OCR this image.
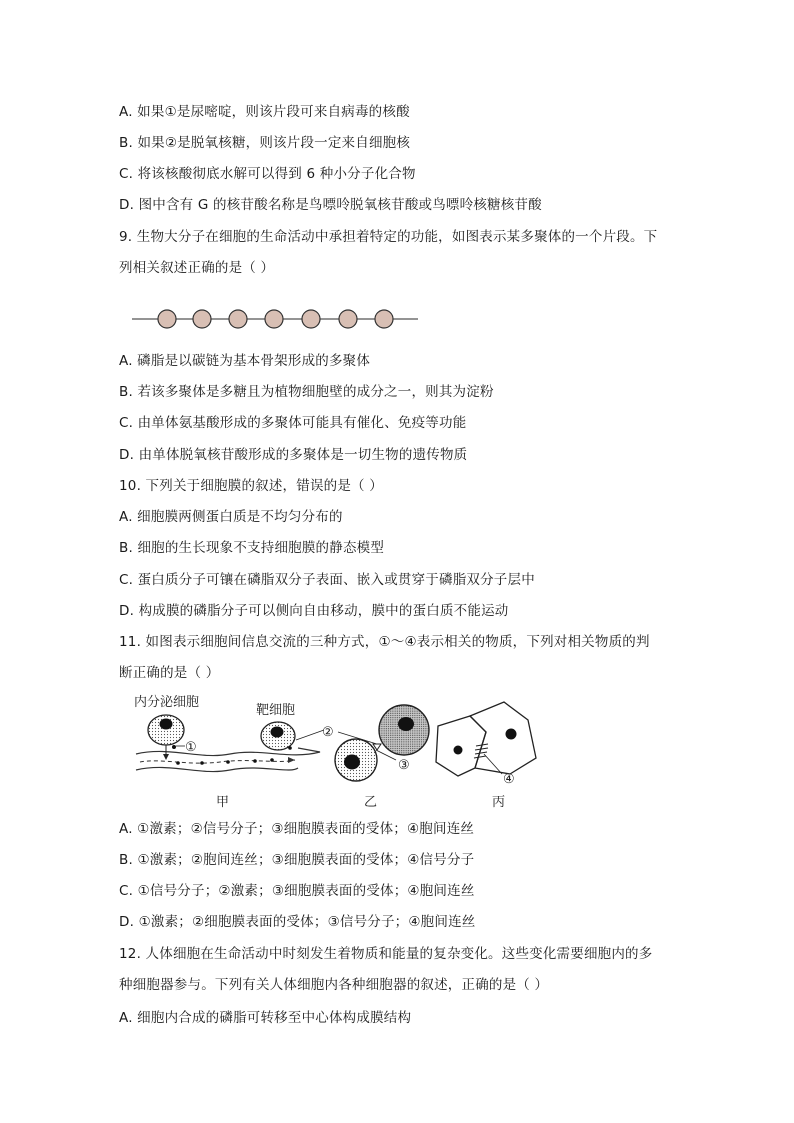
A. 如果①是尿嘧啶，则该片段可来自病毒的核酸
B. 如果②是脱氧核糖，则该片段一定来自细胞核
C. 将该核酸彻底水解可以得到 6 种小分子化合物
D. 图中含有 G 的核苷酸名称是鸟嘌呤脱氧核苷酸或鸟嘌呤核糖核苷酸
9. 生物大分子在细胞的生命活动中承担着特定的功能，如图表示某多聚体的一个片段。下
列相关叙述正确的是（ ）
A. 磷脂是以碳链为基本骨架形成的多聚体
B. 若该多聚体是多糖且为植物细胞壁的成分之一，则其为淀粉
C. 由单体氨基酸形成的多聚体可能具有催化、免疫等功能
D. 由单体脱氧核苷酸形成的多聚体是一切生物的遗传物质
10. 下列关于细胞膜的叙述，错误的是（ ）
A. 细胞膜两侧蛋白质是不均匀分布的
B. 细胞的生长现象不支持细胞膜的静态模型
C. 蛋白质分子可镶在磷脂双分子表面、嵌入或贯穿于磷脂双分子层中
D. 构成膜的磷脂分子可以侧向自由移动，膜中的蛋白质不能运动
11. 如图表示细胞间信息交流的三种方式，①～④表示相关的物质，下列对相关物质的判
断正确的是（ ）
内分泌细胞
靶细胞
①
甲
②
③
乙
④
丙
A. ①激素；②信号分子；③细胞膜表面的受体；④胞间连丝
B. ①激素；②胞间连丝；③细胞膜表面的受体；④信号分子
C. ①信号分子；②激素；③细胞膜表面的受体；④胞间连丝
D. ①激素；②细胞膜表面的受体；③信号分子；④胞间连丝
12. 人体细胞在生命活动中时刻发生着物质和能量的复杂变化。这些变化需要细胞内的多
种细胞器参与。下列有关人体细胞内各种细胞器的叙述，正确的是（ ）
A. 细胞内合成的磷脂可转移至中心体构成膜结构
